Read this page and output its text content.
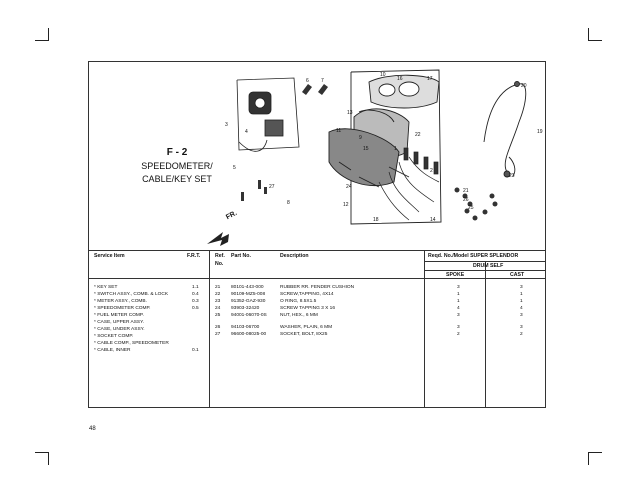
F - 2
SPEEDOMETER/
CABLE/KEY SET
FR.
1
2
3
4
5
6 7
8
9
10
11
12
13
14
15
16	17
18
19
20
21
22
23
24
25
26
27
Service Item	F.R.T.	Ref.
No.
Part No.	Description	Reqd. No./Model SUPER SPLENDOR
DRUM SELF
SPOKE	CAST
* KEY SET	1.1
* SWITCH ASSY., COMB. & LOCK	0.4
* METER ASSY., COMB.	0.3
* SPEEDOMETER COMP.	0.5
* FUEL METER COMP.
* CASE, UPPER ASSY.
* CASE, UNDER ASSY.
* SOCKET COMP.
* CABLE COMP., SPEEDOMETER
* CABLE, INNER	0.1
21 80101-443-000	RUBBER RR. FENDER CUSHION	3	3
22 90109-MZ5-008	SCREW,TAPPING, 4X14	1	1
23 91352-GAZ-930	O RING, 8.5X1.5	1	1
24 93903-32420	SCREW TAPPING 3 X 16	4	4
25 94001-06070-0S	NUT, HEX., 6 MM	3	3
26 94103-06700	WASHER, PLAIN, 6 MM	3	3
27 96600-08025-00	SOCKET, BOLT, 8X25	2	2
48
